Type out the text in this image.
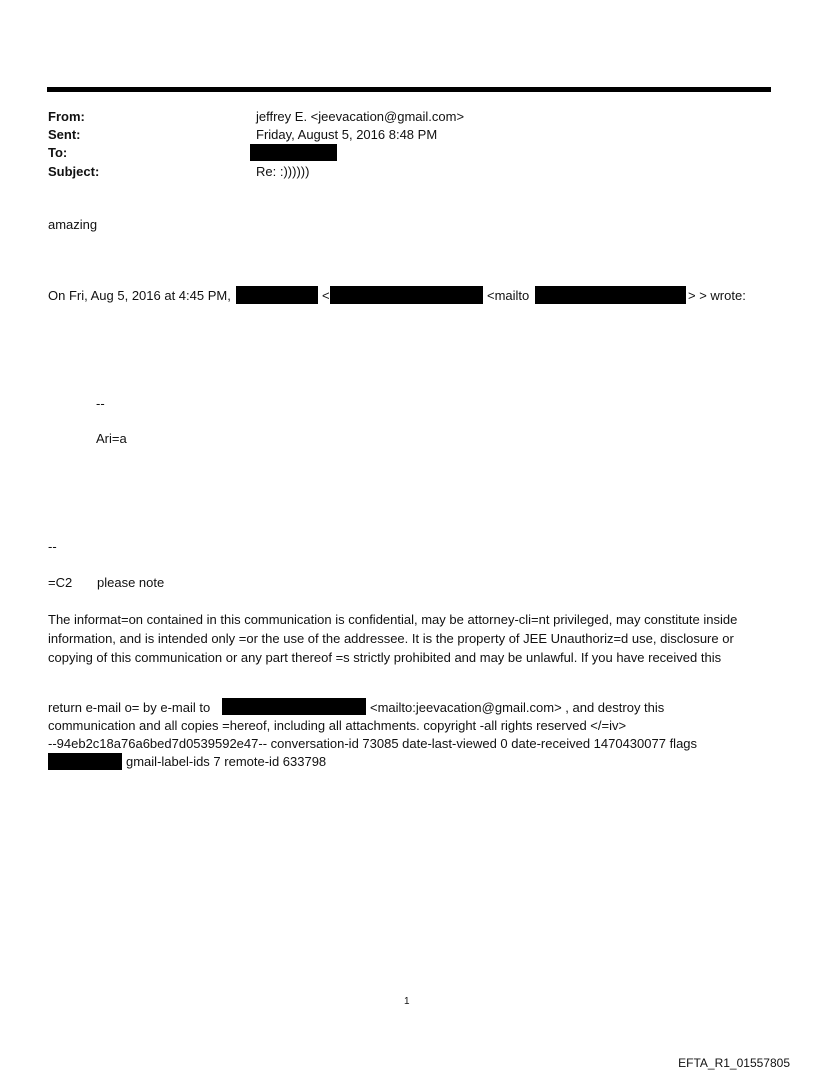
From:	jeffrey E. <jeevacation@gmail.com>
Sent:	Friday, August 5, 2016 8:48 PM
To:
Subject:	Re: :))))))
amazing
On Fri, Aug 5, 2016 at 4:45 PM,	<	<mailto	> > wrote:
--
Ari=a
--
=C2 please note
The informat=on contained in this communication is confidential, may be attorney-cli=nt privileged, may constitute inside information, and is intended only =or the use of the addressee. It is the property of JEE Unauthoriz=d use, disclosure or copying of this communication or any part thereof =s strictly prohibited and may be unlawful. If you have received this
return e-mail o= by e-mail to	<mailto:jeevacation@gmail.com> , and destroy this
communication and all copies =hereof, including all attachments. copyright -all rights reserved </=iv>
--94eb2c18a76a6bed7d0539592e47-- conversation-id 73085 date-last-viewed 0 date-received 1470430077 flags
gmail-label-ids 7 remote-id 633798
1
EFTA_R1_01557805
